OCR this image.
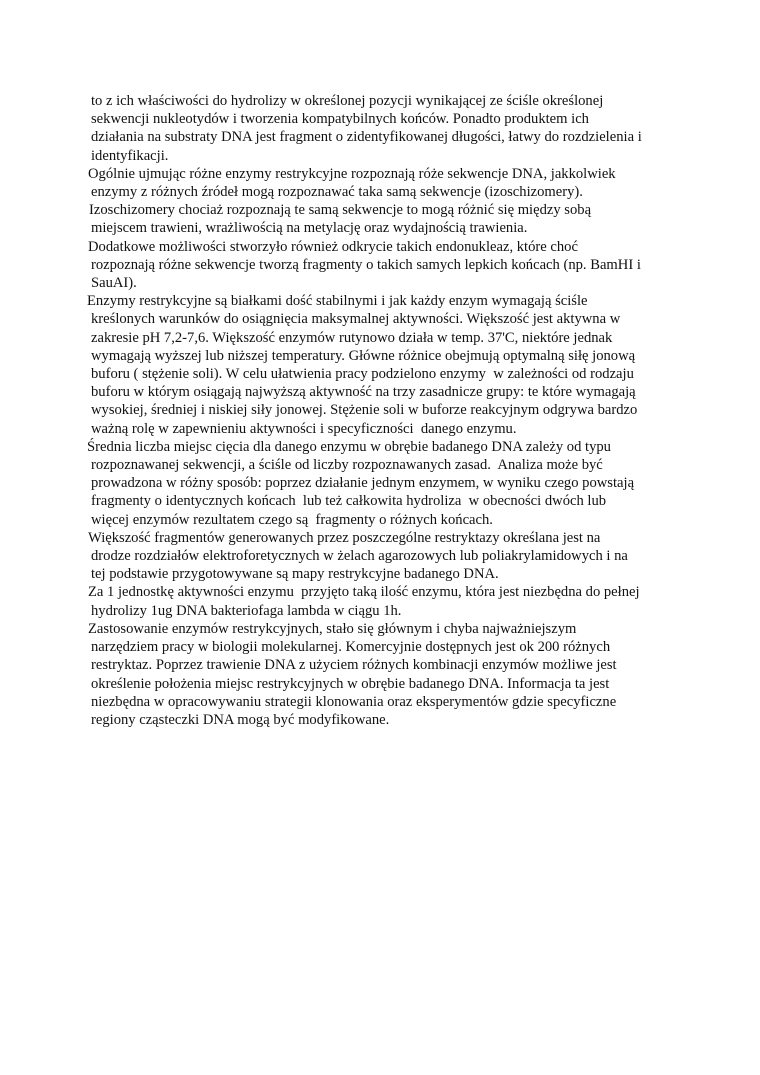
to z ich właściwości do hydrolizy w określonej pozycji wynikającej ze ściśle określonej
sekwencji nukleotydów i tworzenia kompatybilnych końców. Ponadto produktem ich
działania na substraty DNA jest fragment o zidentyfikowanej długości, łatwy do rozdzielenia i
identyfikacji.

Ogólnie ujmując różne enzymy restrykcyjne rozpoznają róże sekwencje DNA, jakkolwiek
enzymy z różnych źródeł mogą rozpoznawać taka samą sekwencje (izoschizomery).

Izoschizomery chociaż rozpoznają te samą sekwencje to mogą różnić się między sobą
miejscem trawieni, wrażliwością na metylację oraz wydajnością trawienia.

Dodatkowe możliwości stworzyło również odkrycie takich endonukleaz, które choć
rozpoznają różne sekwencje tworzą fragmenty o takich samych lepkich końcach (np. BamHI i
SauAI).

Enzymy restrykcyjne są białkami dość stabilnymi i jak każdy enzym wymagają ściśle
kreślonych warunków do osiągnięcia maksymalnej aktywności. Większość jest aktywna w
zakresie pH 7,2-7,6. Większość enzymów rutynowo działa w temp. 37'C, niektóre jednak
wymagają wyższej lub niższej temperatury. Główne różnice obejmują optymalną siłę jonową
buforu ( stężenie soli). W celu ułatwienia pracy podzielono enzymy  w zależności od rodzaju
buforu w którym osiągają najwyższą aktywność na trzy zasadnicze grupy: te które wymagają
wysokiej, średniej i niskiej siły jonowej. Stężenie soli w buforze reakcyjnym odgrywa bardzo
ważną rolę w zapewnieniu aktywności i specyficzności  danego enzymu.

Średnia liczba miejsc cięcia dla danego enzymu w obrębie badanego DNA zależy od typu
rozpoznawanej sekwencji, a ściśle od liczby rozpoznawanych zasad.  Analiza może być
prowadzona w różny sposób: poprzez działanie jednym enzymem, w wyniku czego powstają
fragmenty o identycznych końcach  lub też całkowita hydroliza  w obecności dwóch lub
więcej enzymów rezultatem czego są  fragmenty o różnych końcach.

Większość fragmentów generowanych przez poszczególne restryktazy określana jest na
drodze rozdziałów elektroforetycznych w żelach agarozowych lub poliakrylamidowych i na
tej podstawie przygotowywane są mapy restrykcyjne badanego DNA.

Za 1 jednostkę aktywności enzymu  przyjęto taką ilość enzymu, która jest niezbędna do pełnej
hydrolizy 1ug DNA bakteriofaga lambda w ciągu 1h.

Zastosowanie enzymów restrykcyjnych, stało się głównym i chyba najważniejszym
narzędziem pracy w biologii molekularnej. Komercyjnie dostępnych jest ok 200 różnych
restryktaz. Poprzez trawienie DNA z użyciem różnych kombinacji enzymów możliwe jest
określenie położenia miejsc restrykcyjnych w obrębie badanego DNA. Informacja ta jest
niezbędna w opracowywaniu strategii klonowania oraz eksperymentów gdzie specyficzne
regiony cząsteczki DNA mogą być modyfikowane.
